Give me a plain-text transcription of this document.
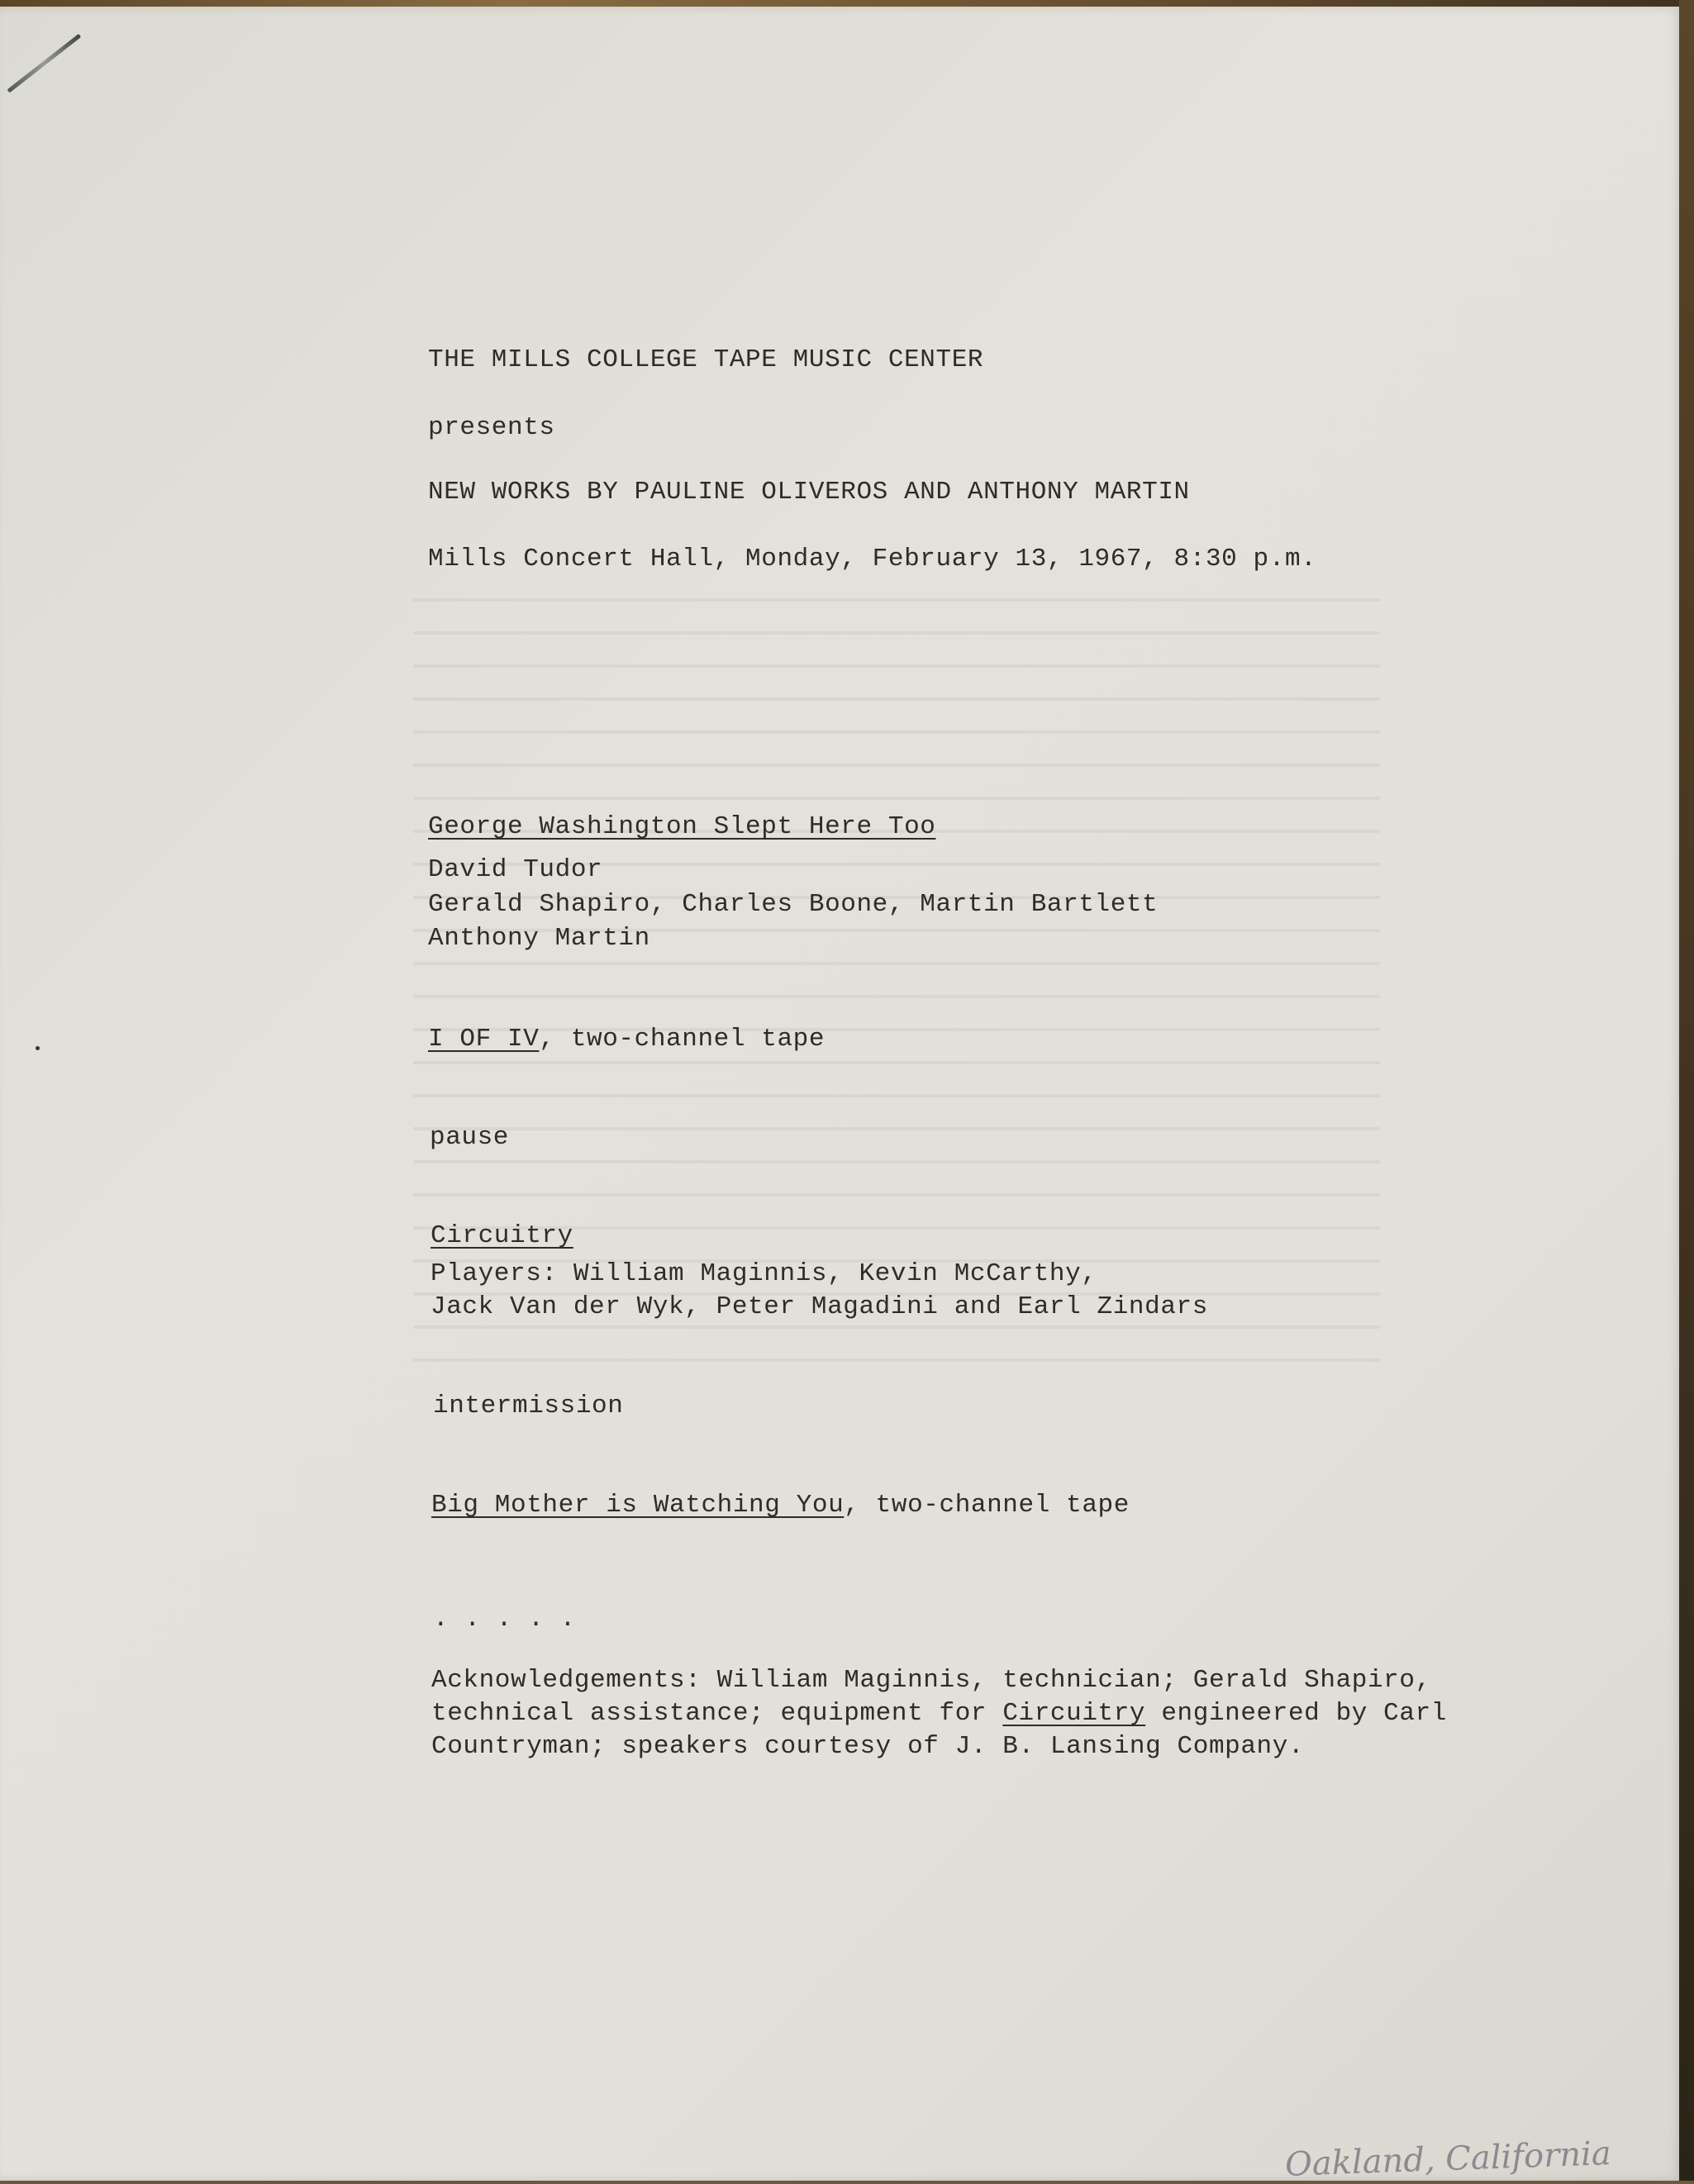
THE MILLS COLLEGE TAPE MUSIC CENTER
presents
NEW WORKS BY PAULINE OLIVEROS AND ANTHONY MARTIN
Mills Concert Hall, Monday, February 13, 1967, 8:30 p.m.
George Washington Slept Here Too
David Tudor
Gerald Shapiro, Charles Boone, Martin Bartlett
Anthony Martin
I OF IV, two-channel tape
pause
Circuitry
Players: William Maginnis, Kevin McCarthy,
Jack Van der Wyk, Peter Magadini and Earl Zindars
intermission
Big Mother is Watching You, two-channel tape
. . . . .
Acknowledgements: William Maginnis, technician; Gerald Shapiro,
technical assistance; equipment for Circuitry engineered by Carl
Countryman; speakers courtesy of J. B. Lansing Company.
Oakland, California
